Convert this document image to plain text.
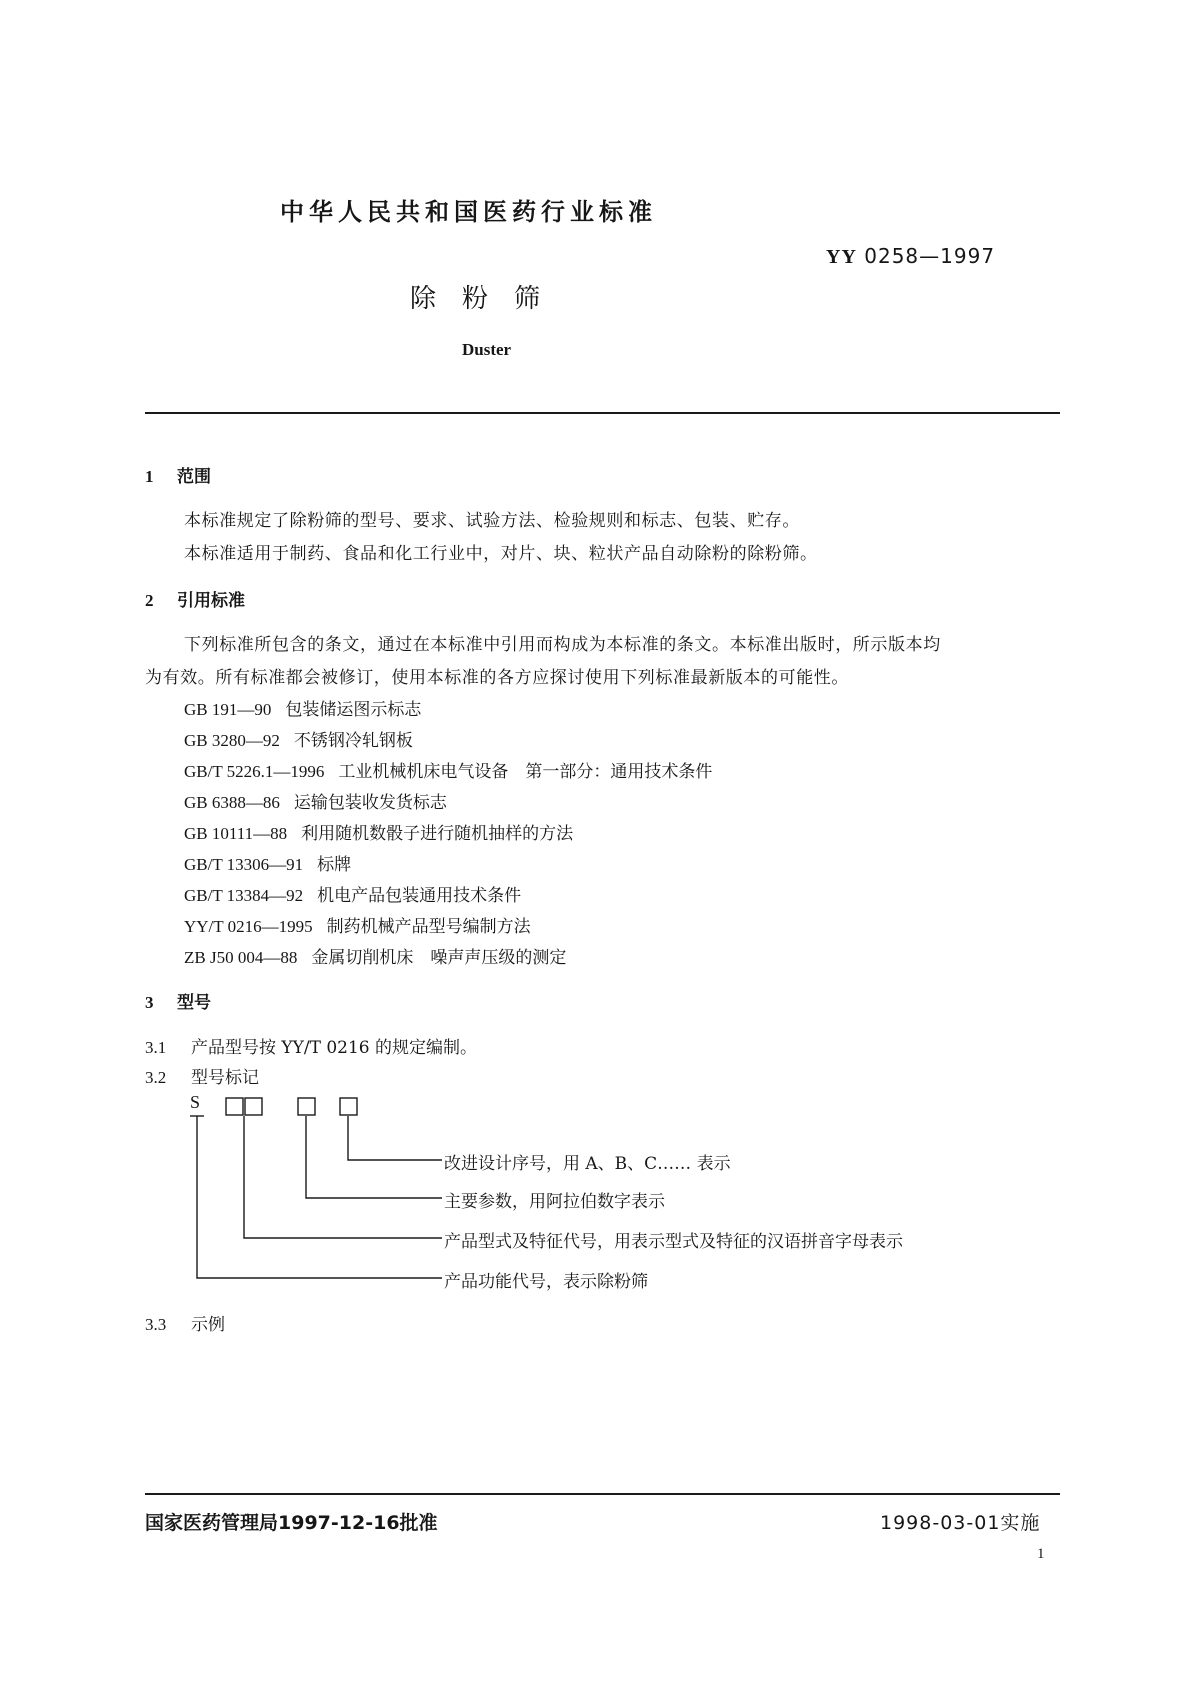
中华人民共和国医药行业标准
除粉筛
YY 0258—1997
Duster
1 范围
本标准规定了除粉筛的型号、要求、试验方法、检验规则和标志、包装、贮存。
本标准适用于制药、食品和化工行业中，对片、块、粒状产品自动除粉的除粉筛。
2 引用标准
下列标准所包含的条文，通过在本标准中引用而构成为本标准的条文。本标准出版时，所示版本均
为有效。所有标准都会被修订，使用本标准的各方应探讨使用下列标准最新版本的可能性。
GB 191—90 包装储运图示标志
GB 3280—92 不锈钢冷轧钢板
GB/T 5226.1—1996 工业机械机床电气设备　第一部分：通用技术条件
GB 6388—86 运输包装收发货标志
GB 10111—88 利用随机数骰子进行随机抽样的方法
GB/T 13306—91 标牌
GB/T 13384—92 机电产品包装通用技术条件
YY/T 0216—1995 制药机械产品型号编制方法
ZB J50 004—88 金属切削机床　噪声声压级的测定
3 型号
3.1 产品型号按 YY/T 0216 的规定编制。
3.2 型号标记
S
改进设计序号，用 A、B、C…… 表示
主要参数，用阿拉伯数字表示
产品型式及特征代号，用表示型式及特征的汉语拼音字母表示
产品功能代号，表示除粉筛
3.3 示例
国家医药管理局1997-12-16批准	1998-03-01实施
1
